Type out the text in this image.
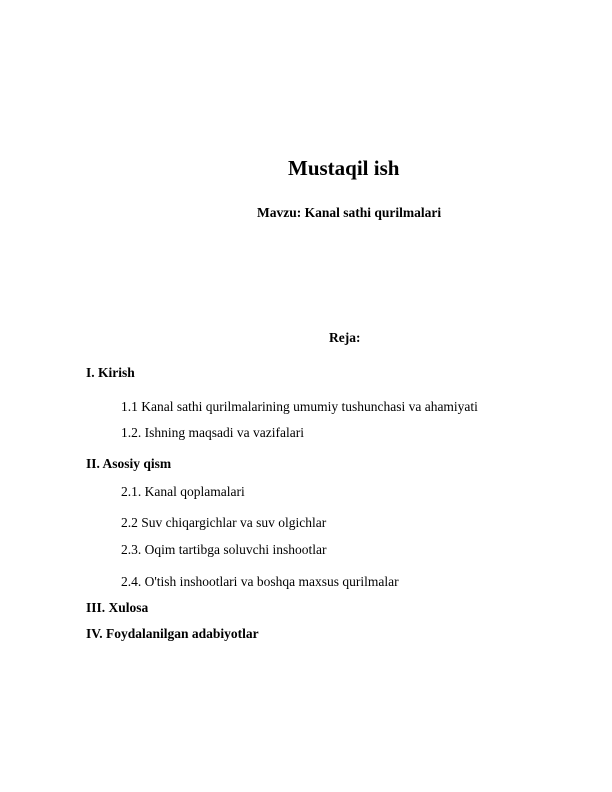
Mustaqil ish
Mavzu: Kanal sathi qurilmalari
Reja:
I. Kirish
1.1 Kanal sathi qurilmalarining umumiy tushunchasi va ahamiyati
1.2. Ishning maqsadi va vazifalari
II. Asosiy qism
2.1. Kanal qoplamalari
2.2 Suv chiqargichlar va suv olgichlar
2.3. Oqim tartibga soluvchi inshootlar
2.4. O'tish inshootlari va boshqa maxsus qurilmalar
III. Xulosa
IV. Foydalanilgan adabiyotlar
